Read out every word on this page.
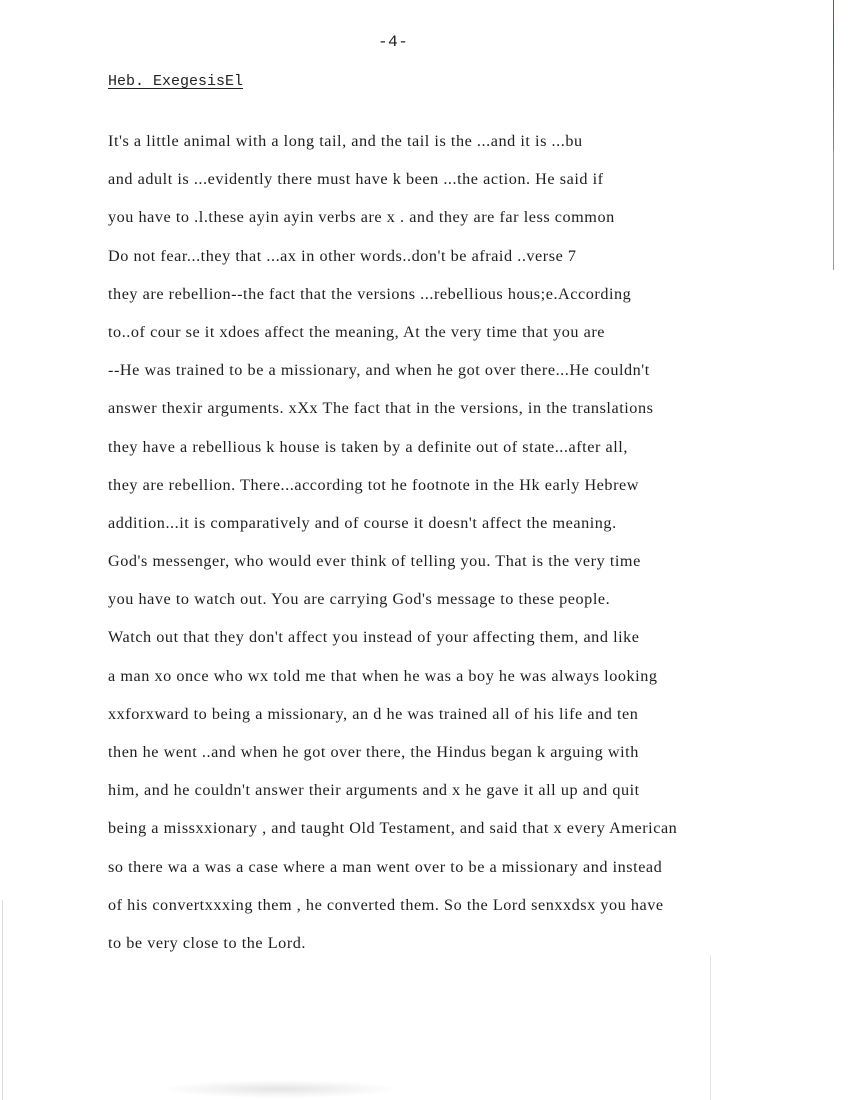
-4-
Heb. ExegesisEl
It's a little animal with a long tail, and the tail is the ...and it is ...bu
and adult is ...evidently there must have k been ...the action. He said if
you have to .l.these ayin ayin verbs are x . and they are far less common
Do not fear...they that ...ax in other words..don't be afraid ..verse 7
they are rebellion--the fact that the versions ...rebellious hous;e.According
to..of cour se it xdoes affect the meaning, At the very time that you are
--He was trained to be a missionary, and when he got over there...He couldn't
answer thexir arguments. xXx The fact that in the versions, in the translations
they have a rebellious k house is taken by a definite out of state...after all,
they are rebellion. There...according tot he footnote in the Hk early Hebrew
addition...it is comparatively and of course it doesn't affect the meaning.
God's messenger, who would ever think of telling you. That is the very time
you have to watch out. You are carrying God's message to these people.
Watch out that they don't affect you instead of your affecting them, and like
a man xo once who wx told me that when he was a boy he was always looking
xxforxward to being a missionary, an d he was trained all of his life and ten
then he went ..and when he got over there, the Hindus began k arguing with
him, and he couldn't answer their arguments and x he gave it all up and quit
being a missxxionary , and taught Old Testament, and said that x every American
so there wa a was a case where a man went over to be a missionary and instead
of his convertxxxing them , he converted them. So the Lord senxxdsx you have
to be very close to the Lord.
